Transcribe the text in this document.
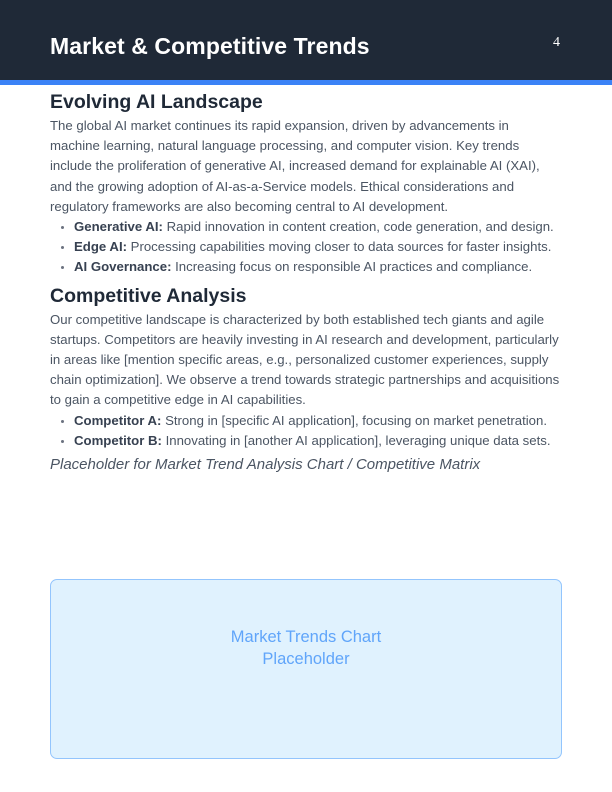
Market & Competitive Trends	4
Evolving AI Landscape

The global AI market continues its rapid expansion, driven by advancements in machine learning, natural language processing, and computer vision. Key trends include the proliferation of generative AI, increased demand for explainable AI (XAI), and the growing adoption of AI-as-a-Service models. Ethical considerations and regulatory frameworks are also becoming central to AI development.

• Generative AI: Rapid innovation in content creation, code generation, and design.
• Edge AI: Processing capabilities moving closer to data sources for faster insights.
• AI Governance: Increasing focus on responsible AI practices and compliance.
Competitive Analysis

Our competitive landscape is characterized by both established tech giants and agile startups. Competitors are heavily investing in AI research and development, particularly in areas like [mention specific areas, e.g., personalized customer experiences, supply chain optimization]. We observe a trend towards strategic partnerships and acquisitions to gain a competitive edge in AI capabilities.

• Competitor A: Strong in [specific AI application], focusing on market penetration.
• Competitor B: Innovating in [another AI application], leveraging unique data sets.
Placeholder for Market Trend Analysis Chart / Competitive Matrix
Market Trends Chart
Placeholder
